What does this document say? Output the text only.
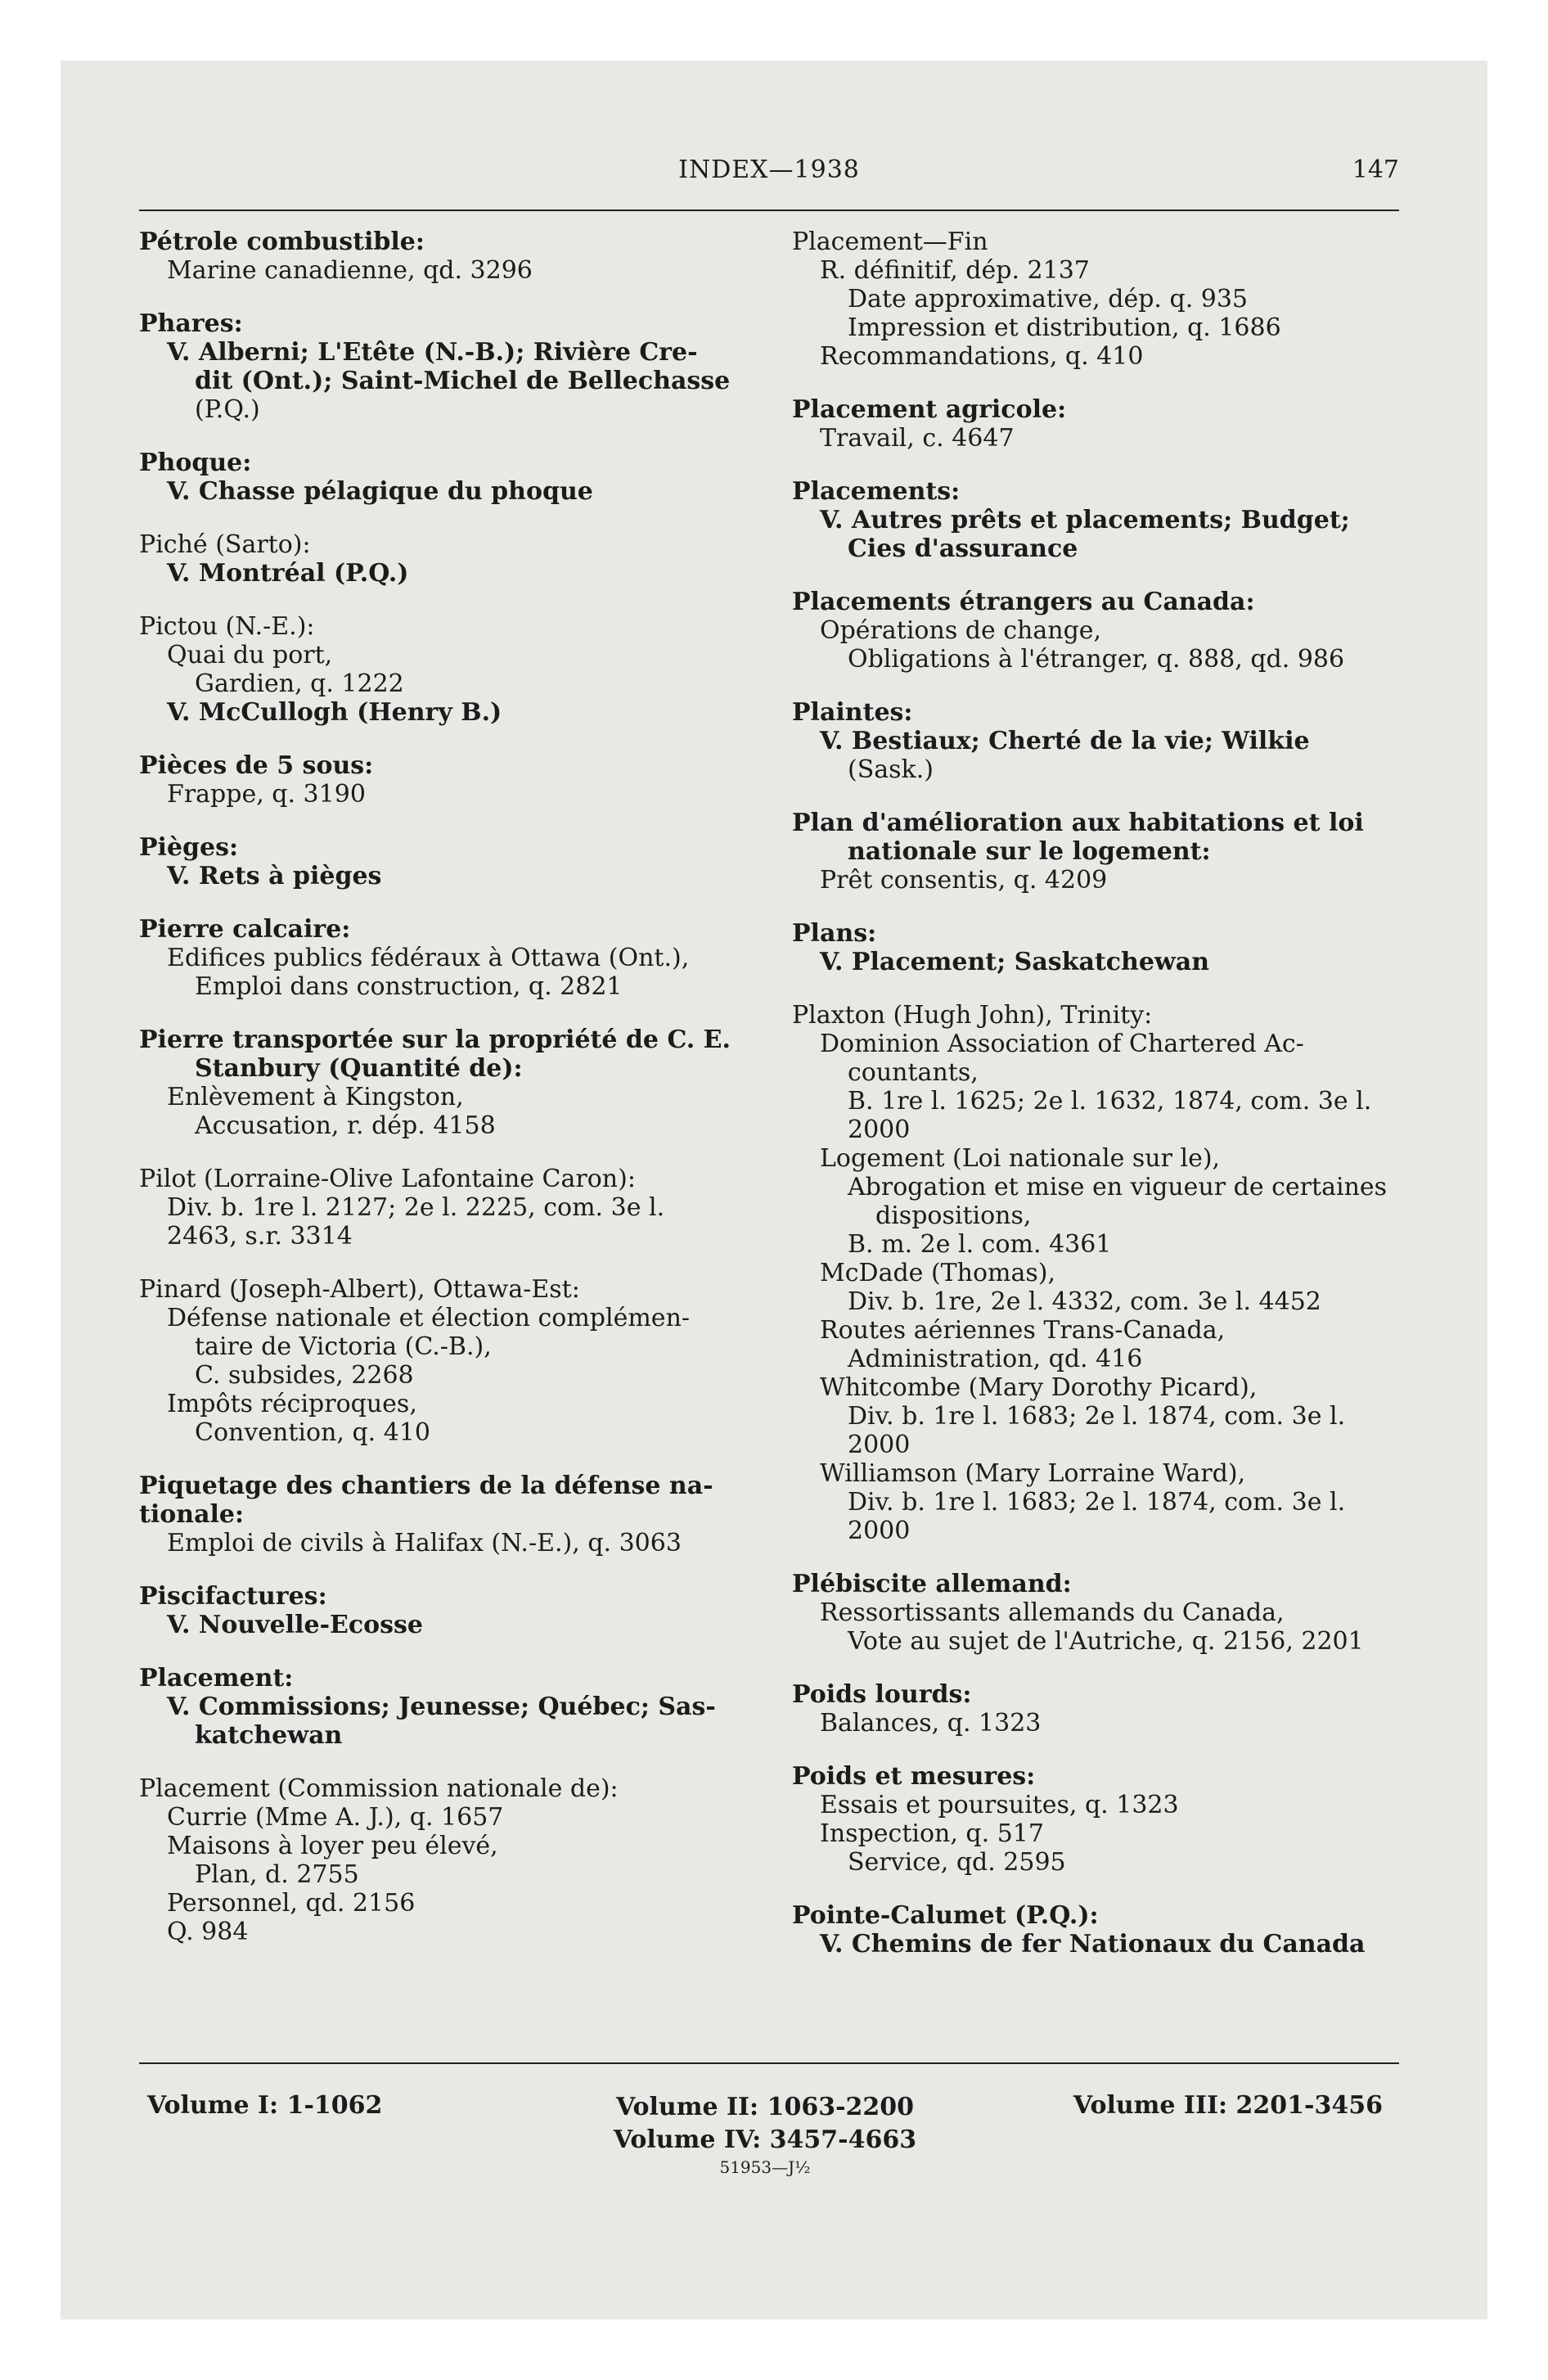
INDEX—1938	147
Pétrole combustible:
Marine canadienne, qd. 3296
Phares:
V. Alberni; L'Etête (N.-B.); Rivière Cre-
dit (Ont.); Saint-Michel de Bellechasse
(P.Q.)
Phoque:
V. Chasse pélagique du phoque
Piché (Sarto):
V. Montréal (P.Q.)
Pictou (N.-E.):
Quai du port,
Gardien, q. 1222
V. McCullogh (Henry B.)
Pièces de 5 sous:
Frappe, q. 3190
Pièges:
V. Rets à pièges
Pierre calcaire:
Edifices publics fédéraux à Ottawa (Ont.),
Emploi dans construction, q. 2821
Pierre transportée sur la propriété de C. E.
Stanbury (Quantité de):
Enlèvement à Kingston,
Accusation, r. dép. 4158
Pilot (Lorraine-Olive Lafontaine Caron):
Div. b. 1re l. 2127; 2e l. 2225, com. 3e l.
2463, s.r. 3314
Pinard (Joseph-Albert), Ottawa-Est:
Défense nationale et élection complémen-
taire de Victoria (C.-B.),
C. subsides, 2268
Impôts réciproques,
Convention, q. 410
Piquetage des chantiers de la défense na-
tionale:
Emploi de civils à Halifax (N.-E.), q. 3063
Piscifactures:
V. Nouvelle-Ecosse
Placement:
V. Commissions; Jeunesse; Québec; Sas-
katchewan
Placement (Commission nationale de):
Currie (Mme A. J.), q. 1657
Maisons à loyer peu élevé,
Plan, d. 2755
Personnel, qd. 2156
Q. 984
Placement—Fin
R. définitif, dép. 2137
Date approximative, dép. q. 935
Impression et distribution, q. 1686
Recommandations, q. 410
Placement agricole:
Travail, c. 4647
Placements:
V. Autres prêts et placements; Budget;
Cies d'assurance
Placements étrangers au Canada:
Opérations de change,
Obligations à l'étranger, q. 888, qd. 986
Plaintes:
V. Bestiaux; Cherté de la vie; Wilkie
(Sask.)
Plan d'amélioration aux habitations et loi
nationale sur le logement:
Prêt consentis, q. 4209
Plans:
V. Placement; Saskatchewan
Plaxton (Hugh John), Trinity:
Dominion Association of Chartered Ac-
countants,
B. 1re l. 1625; 2e l. 1632, 1874, com. 3e l.
2000
Logement (Loi nationale sur le),
Abrogation et mise en vigueur de certaines
dispositions,
B. m. 2e l. com. 4361
McDade (Thomas),
Div. b. 1re, 2e l. 4332, com. 3e l. 4452
Routes aériennes Trans-Canada,
Administration, qd. 416
Whitcombe (Mary Dorothy Picard),
Div. b. 1re l. 1683; 2e l. 1874, com. 3e l.
2000
Williamson (Mary Lorraine Ward),
Div. b. 1re l. 1683; 2e l. 1874, com. 3e l.
2000
Plébiscite allemand:
Ressortissants allemands du Canada,
Vote au sujet de l'Autriche, q. 2156, 2201
Poids lourds:
Balances, q. 1323
Poids et mesures:
Essais et poursuites, q. 1323
Inspection, q. 517
Service, qd. 2595
Pointe-Calumet (P.Q.):
V. Chemins de fer Nationaux du Canada
Volume I: 1-1062	Volume II: 1063-2200
Volume IV: 3457-4663
51953—J½
Volume III: 2201-3456
